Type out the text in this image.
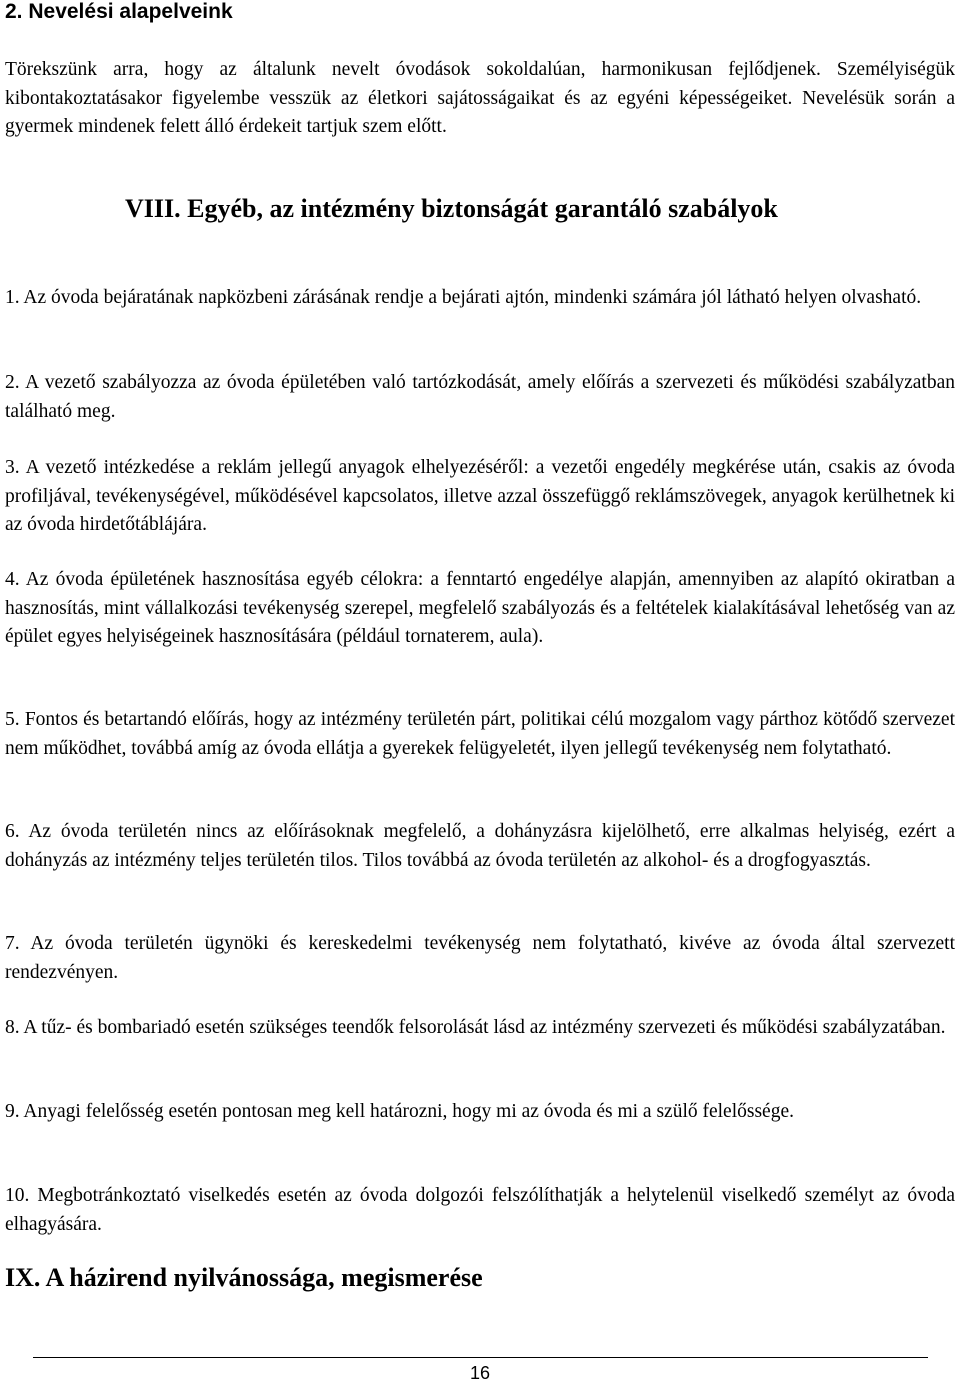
2. Nevelési alapelveink
Törekszünk arra, hogy az általunk nevelt óvodások sokoldalúan, harmonikusan fejlődjenek. Személyiségük kibontakoztatásakor figyelembe vesszük az életkori sajátosságaikat és az egyéni képességeiket. Nevelésük során a gyermek mindenek felett álló érdekeit tartjuk szem előtt.
VIII. Egyéb, az intézmény biztonságát garantáló szabályok
1. Az óvoda bejáratának napközbeni zárásának rendje a bejárati ajtón, mindenki számára jól látható helyen olvasható.
2. A vezető szabályozza az óvoda épületében való tartózkodását, amely előírás a szervezeti és működési szabályzatban található meg.
3. A vezető intézkedése a reklám jellegű anyagok elhelyezéséről: a vezetői engedély megkérése után, csakis az óvoda profiljával, tevékenységével, működésével kapcsolatos, illetve azzal összefüggő reklámszövegek, anyagok kerülhetnek ki az óvoda hirdetőtáblájára.
4. Az óvoda épületének hasznosítása egyéb célokra: a fenntartó engedélye alapján, amennyiben az alapító okiratban a hasznosítás, mint vállalkozási tevékenység szerepel, megfelelő szabályozás és a feltételek kialakításával lehetőség van az épület egyes helyiségeinek hasznosítására (például tornaterem, aula).
5. Fontos és betartandó előírás, hogy az intézmény területén párt, politikai célú mozgalom vagy párthoz kötődő szervezet nem működhet, továbbá amíg az óvoda ellátja a gyerekek felügyeletét, ilyen jellegű tevékenység nem folytatható.
6. Az óvoda területén nincs az előírásoknak megfelelő, a dohányzásra kijelölhető, erre alkalmas helyiség, ezért a dohányzás az intézmény teljes területén tilos. Tilos továbbá az óvoda területén az alkohol- és a drogfogyasztás.
7. Az óvoda területén ügynöki és kereskedelmi tevékenység nem folytatható, kivéve az óvoda által szervezett rendezvényen.
8. A tűz- és bombariadó esetén szükséges teendők felsorolását lásd az intézmény szervezeti és működési szabályzatában.
9. Anyagi felelősség esetén pontosan meg kell határozni, hogy mi az óvoda és mi a szülő felelőssége.
10. Megbotránkoztató viselkedés esetén az óvoda dolgozói felszólíthatják a helytelenül viselkedő személyt az óvoda elhagyására.
IX. A házirend nyilvánossága, megismerése
16
